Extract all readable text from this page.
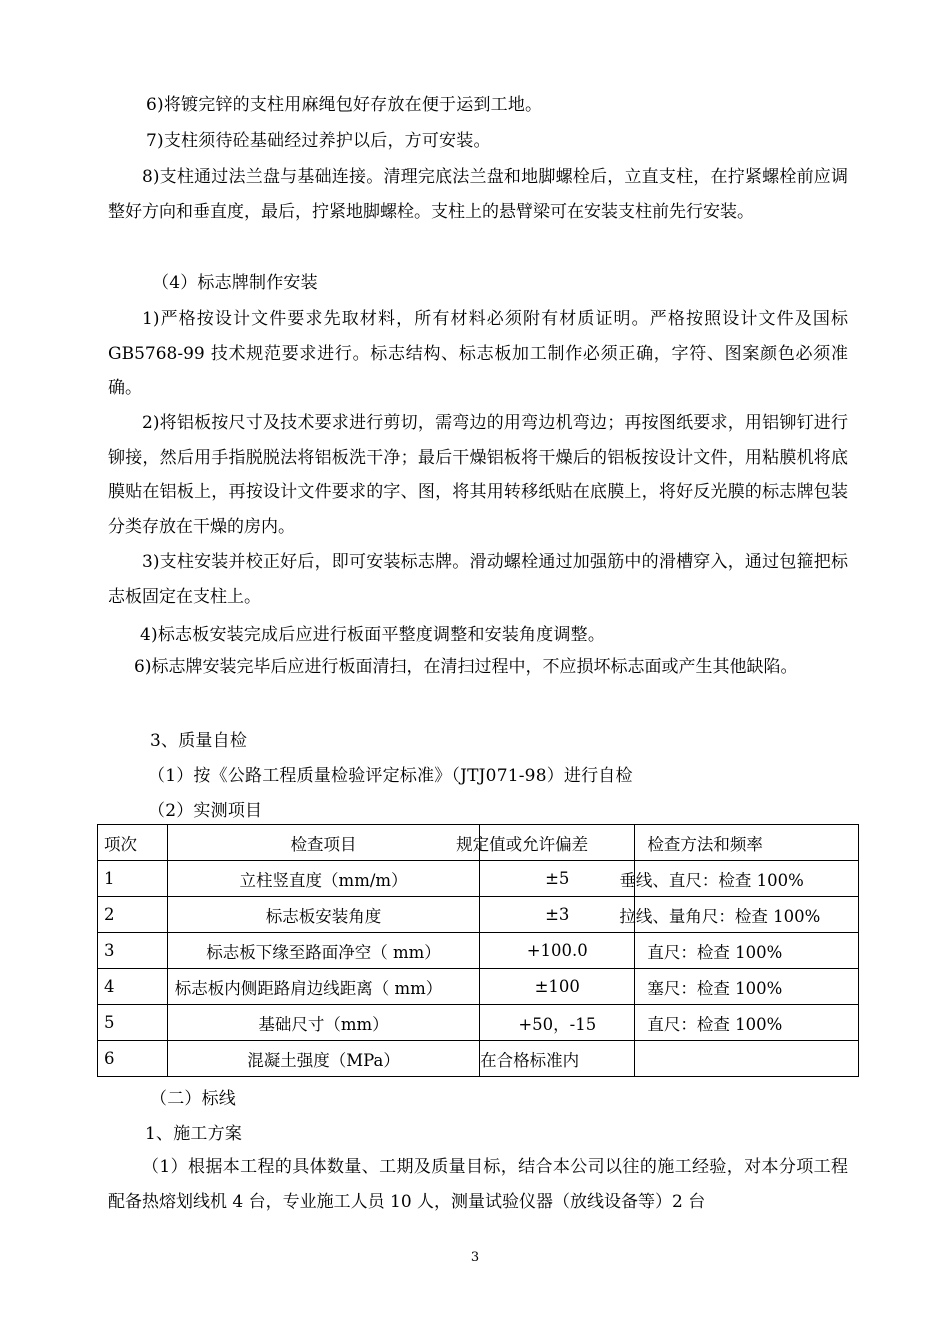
6)将镀完锌的支柱用麻绳包好存放在便于运到工地。
7)支柱须待砼基础经过养护以后，方可安装。
8)支柱通过法兰盘与基础连接。清理完底法兰盘和地脚螺栓后，立直支柱，在拧紧螺栓前应调整好方向和垂直度，最后，拧紧地脚螺栓。支柱上的悬臂梁可在安装支柱前先行安装。
（4）标志牌制作安装
1)严格按设计文件要求先取材料，所有材料必须附有材质证明。严格按照设计文件及国标 GB5768-99 技术规范要求进行。标志结构、标志板加工制作必须正确，字符、图案颜色必须准确。
2)将铝板按尺寸及技术要求进行剪切，需弯边的用弯边机弯边；再按图纸要求，用铝铆钉进行铆接，然后用手指脱脱法将铝板洗干净；最后干燥铝板将干燥后的铝板按设计文件，用粘膜机将底膜贴在铝板上，再按设计文件要求的字、图，将其用转移纸贴在底膜上，将好反光膜的标志牌包装分类存放在干燥的房内。
3)支柱安装并校正好后，即可安装标志牌。滑动螺栓通过加强筋中的滑槽穿入，通过包箍把标志板固定在支柱上。
4)标志板安装完成后应进行板面平整度调整和安装角度调整。
6)标志牌安装完毕后应进行板面清扫，在清扫过程中，不应损坏标志面或产生其他缺陷。
3、质量自检
（1）按《公路工程质量检验评定标准》（JTJ071-98）进行自检
（2）实测项目
项次	检查项目	规定值或允许偏差	检查方法和频率
1	立柱竖直度（mm/m）	±5	垂线、直尺：检查 100%
2	标志板安装角度	±3	拉线、量角尺：检查 100%
3	标志板下缘至路面净空（ mm）	+100.0	直尺：检查 100%
4	标志板内侧距路肩边线距离（ mm）	±100	塞尺：检查 100%
5	基础尺寸（mm）	+50，-15	直尺：检查 100%
6	混凝土强度（MPa）	在合格标准内	
（二）标线
1、施工方案
（1）根据本工程的具体数量、工期及质量目标，结合本公司以往的施工经验，对本分项工程配备热熔划线机 4 台，专业施工人员 10 人，测量试验仪器（放线设备等）2 台
3
